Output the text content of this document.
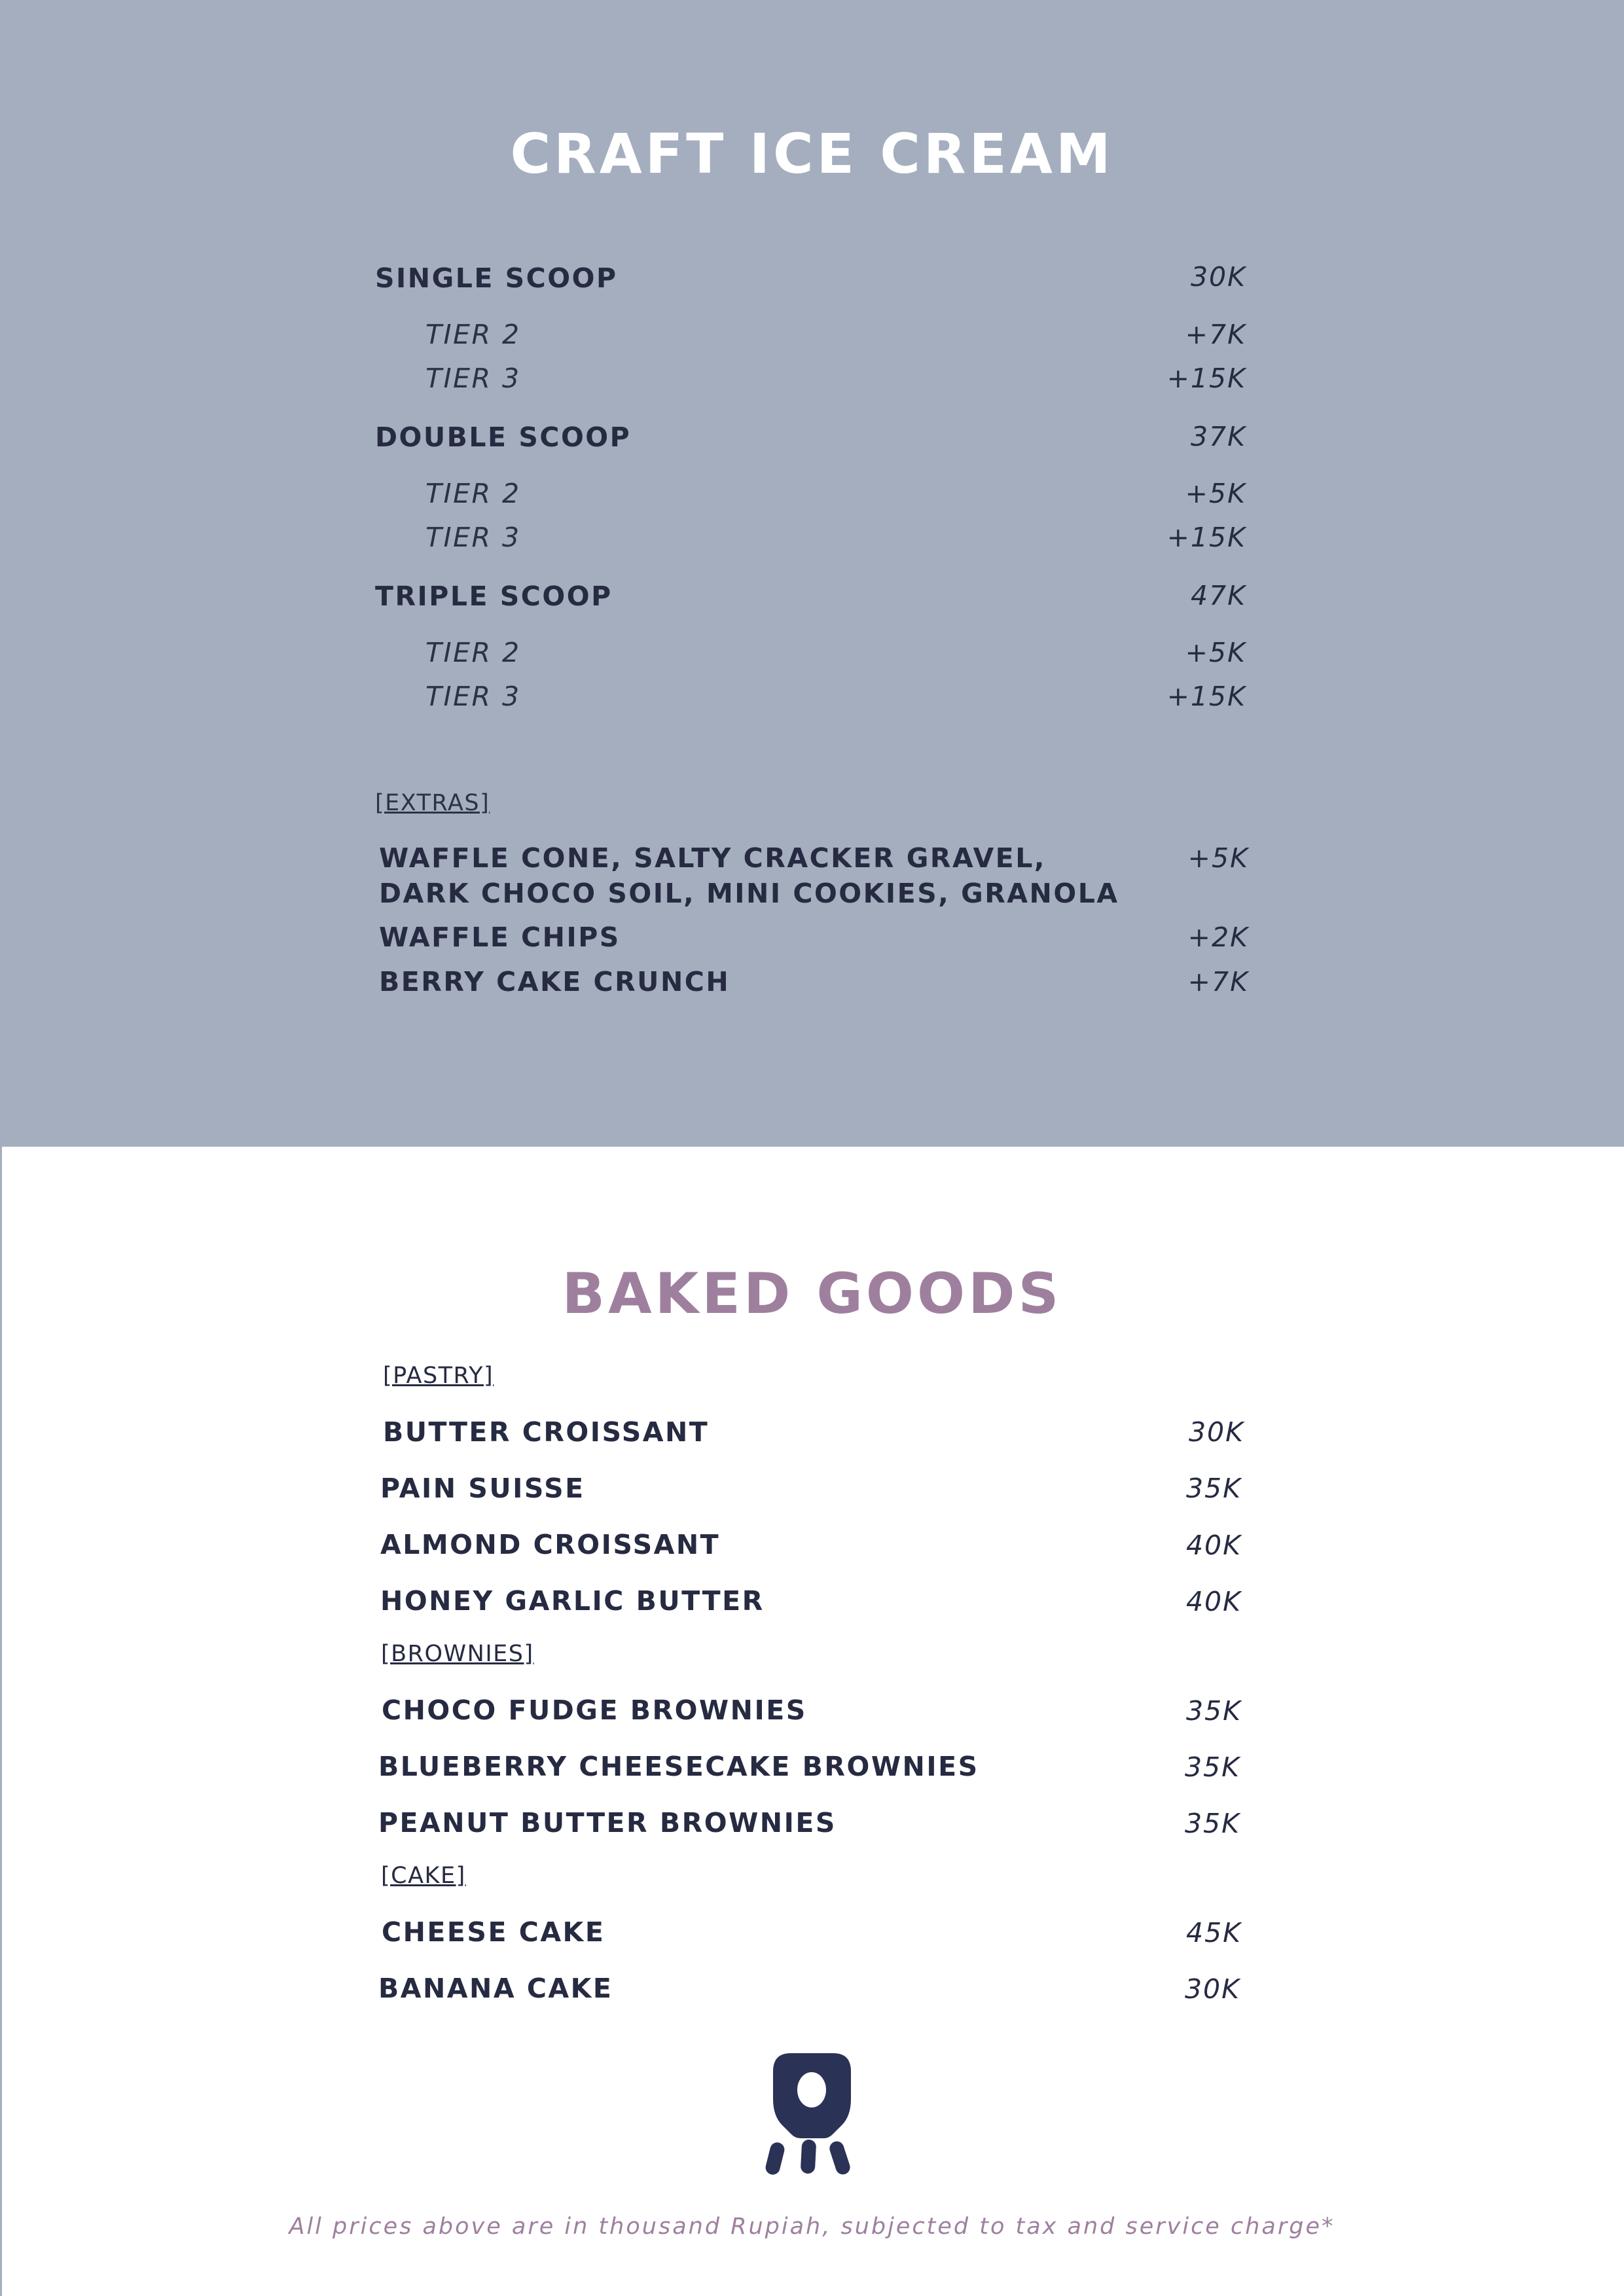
CRAFT ICE CREAM
SINGLE SCOOP	30K
TIER 2	+7K
TIER 3	+15K
DOUBLE SCOOP	37K
TIER 2	+5K
TIER 3	+15K
TRIPLE SCOOP	47K
TIER 2	+5K
TIER 3	+15K
[EXTRAS]
WAFFLE CONE, SALTY CRACKER GRAVEL,
DARK CHOCO SOIL, MINI COOKIES, GRANOLA
+5K
WAFFLE CHIPS	+2K
BERRY CAKE CRUNCH	+7K
BAKED GOODS
[PASTRY]
BUTTER CROISSANT	30K
PAIN SUISSE	35K
ALMOND CROISSANT	40K
HONEY GARLIC BUTTER	40K
[BROWNIES]
CHOCO FUDGE BROWNIES	35K
BLUEBERRY CHEESECAKE BROWNIES	35K
PEANUT BUTTER BROWNIES	35K
[CAKE]
CHEESE CAKE	45K
BANANA CAKE	30K
All prices above are in thousand Rupiah, subjected to tax and service charge*
